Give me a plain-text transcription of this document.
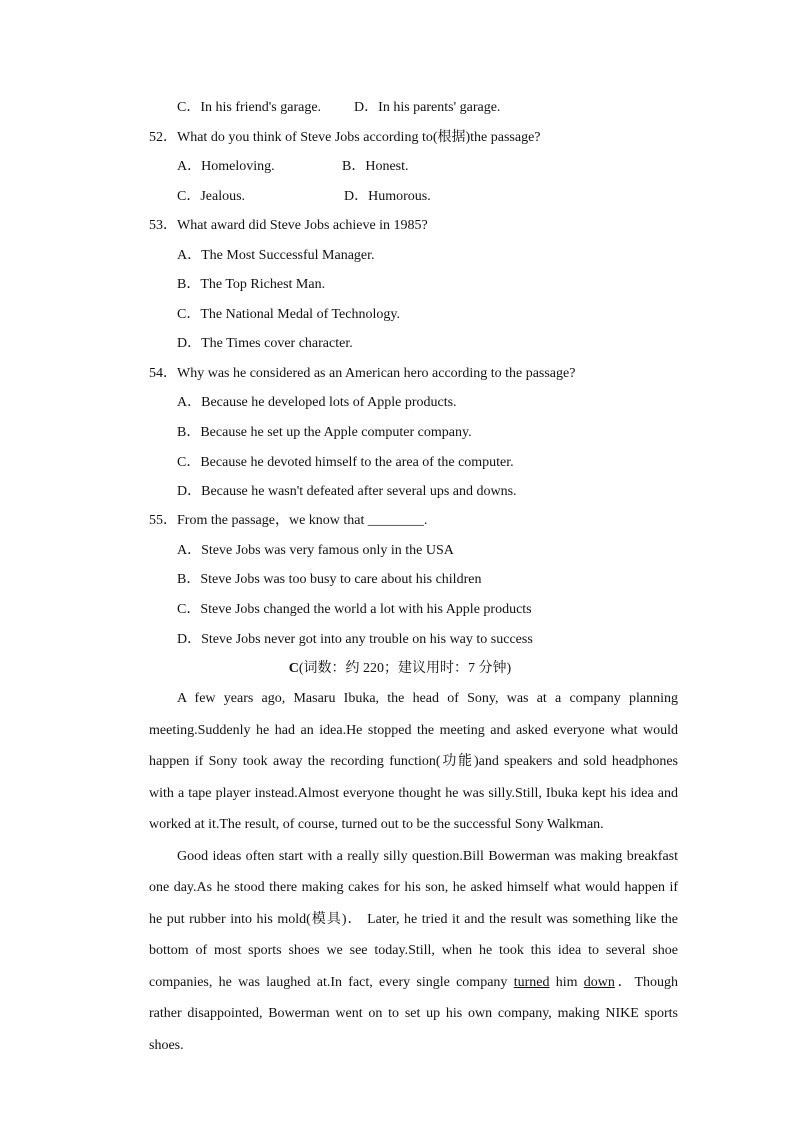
C．In his friend's garage. D．In his parents' garage.
52．What do you think of Steve Jobs according to(根据)the passage?
A．Homeloving.	B．Honest.
C．Jealous.	D．Humorous.
53．What award did Steve Jobs achieve in 1985?
A．The Most Successful Manager.
B．The Top Richest Man.
C．The National Medal of Technology.
D．The Times cover character.
54．Why was he considered as an American hero according to the passage?
A．Because he developed lots of Apple products.
B．Because he set up the Apple computer company.
C．Because he devoted himself to the area of the computer.
D．Because he wasn't defeated after several ups and downs.
55．From the passage，we know that ________.
A．Steve Jobs was very famous only in the USA
B．Steve Jobs was too busy to care about his children
C．Steve Jobs changed the world a lot with his Apple products
D．Steve Jobs never got into any trouble on his way to success
C(词数：约 220；建议用时：7 分钟)

A few years ago, Masaru Ibuka, the head of Sony, was at a company planning meeting.Suddenly he had an idea.He stopped the meeting and asked everyone what would happen if Sony took away the recording function(功能)and speakers and sold headphones with a tape player instead.Almost everyone thought he was silly.Still, Ibuka kept his idea and worked at it.The result, of course, turned out to be the successful Sony Walkman.

Good ideas often start with a really silly question.Bill Bowerman was making breakfast one day.As he stood there making cakes for his son, he asked himself what would happen if he put rubber into his mold(模具)． Later, he tried it and the result was something like the bottom of most sports shoes we see today.Still, when he took this idea to several shoe companies, he was laughed at.In fact, every single company turned him down．Though rather disappointed, Bowerman went on to set up his own company, making NIKE sports shoes.
